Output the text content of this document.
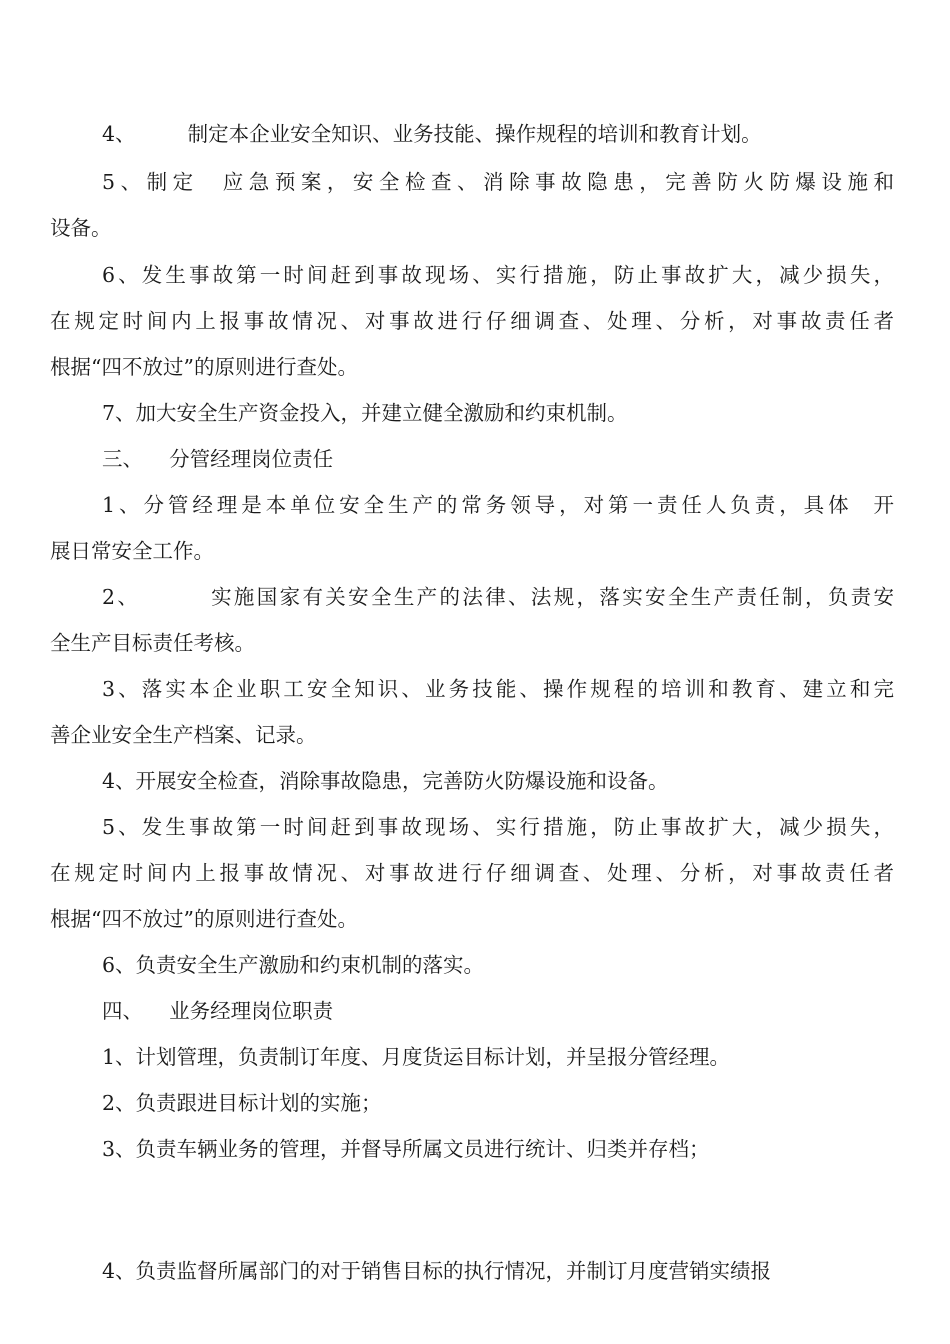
4、        制定本企业安全知识、业务技能、操作规程的培训和教育计划。
5、制定  应急预案，安全检查、消除事故隐患，完善防火防爆设施和
设备。
6、发生事故第一时间赶到事故现场、实行措施，防止事故扩大，减少损失，
在规定时间内上报事故情况、对事故进行仔细调查、处理、分析，对事故责任者
根据“四不放过”的原则进行查处。
7、加大安全生产资金投入，并建立健全激励和约束机制。
三、    分管经理岗位责任
1、分管经理是本单位安全生产的常务领导，对第一责任人负责，具体  开
展日常安全工作。
2、        实施国家有关安全生产的法律、法规，落实安全生产责任制，负责安
全生产目标责任考核。
3、落实本企业职工安全知识、业务技能、操作规程的培训和教育、建立和完
善企业安全生产档案、记录。
4、开展安全检查，消除事故隐患，完善防火防爆设施和设备。
5、发生事故第一时间赶到事故现场、实行措施，防止事故扩大，减少损失，
在规定时间内上报事故情况、对事故进行仔细调查、处理、分析，对事故责任者
根据“四不放过”的原则进行查处。
6、负责安全生产激励和约束机制的落实。
四、    业务经理岗位职责
1、计划管理，负责制订年度、月度货运目标计划，并呈报分管经理。
2、负责跟进目标计划的实施；
3、负责车辆业务的管理，并督导所属文员进行统计、归类并存档；
4、负责监督所属部门的对于销售目标的执行情况，并制订月度营销实绩报
